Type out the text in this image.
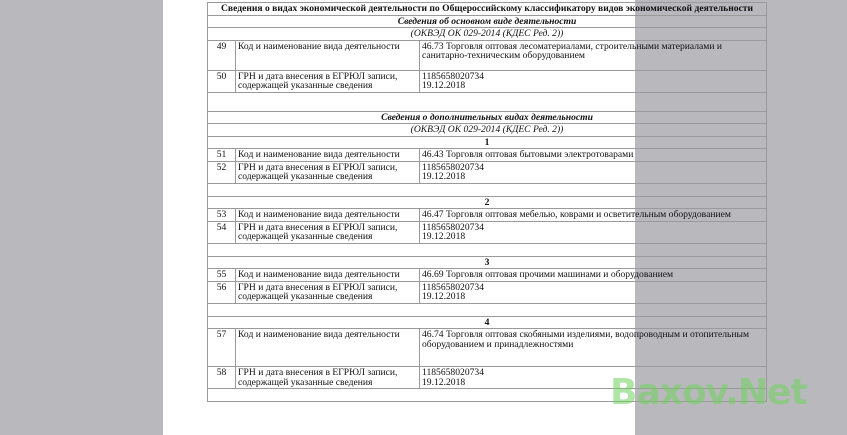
Сведения о видах экономической деятельности по Общероссийскому классификатору видов экономической деятельности		
Сведения об основном виде деятельности		
(ОКВЭД ОК 029-2014 (КДЕС Ред. 2))		
49	Код и наименование вида деятельности	46.73 Торговля оптовая лесоматериалами, строительными материалами и санитарно-техническим оборудованием
50	ГРН и дата внесения в ЕГРЮЛ записи, содержащей указанные сведения	1185658020734
19.12.2018

Сведения о дополнительных видах деятельности		
(ОКВЭД ОК 029-2014 (КДЕС Ред. 2))		
1		
51	Код и наименование вида деятельности	46.43 Торговля оптовая бытовыми электротоварами
52	ГРН и дата внесения в ЕГРЮЛ записи, содержащей указанные сведения	1185658020734
19.12.2018

2		
53	Код и наименование вида деятельности	46.47 Торговля оптовая мебелью, коврами и осветительным оборудованием
54	ГРН и дата внесения в ЕГРЮЛ записи, содержащей указанные сведения	1185658020734
19.12.2018

3		
55	Код и наименование вида деятельности	46.69 Торговля оптовая прочими машинами и оборудованием
56	ГРН и дата внесения в ЕГРЮЛ записи, содержащей указанные сведения	1185658020734
19.12.2018

4		
57	Код и наименование вида деятельности	46.74 Торговля оптовая скобяными изделиями, водопроводным и отопительным оборудованием и принадлежностями
58	ГРН и дата внесения в ЕГРЮЛ записи, содержащей указанные сведения	1185658020734
19.12.2018	Baxov.Net
